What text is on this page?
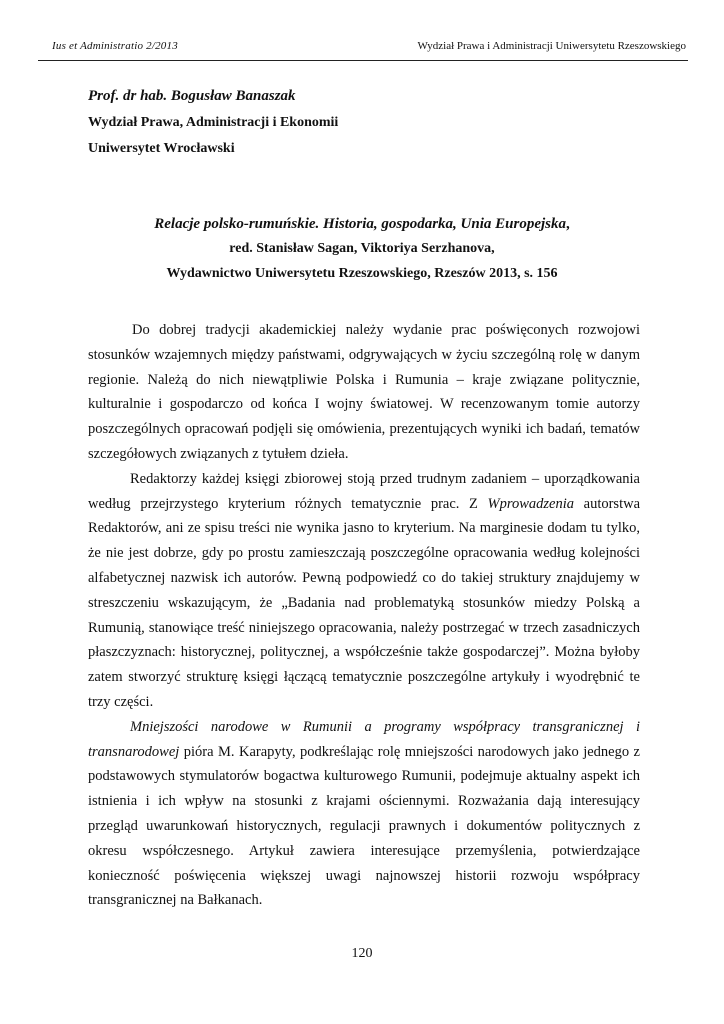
Ius et Administratio 2/2013	Wydział Prawa i Administracji Uniwersytetu Rzeszowskiego
Prof. dr hab. Bogusław Banaszak
Wydział Prawa, Administracji i Ekonomii
Uniwersytet Wrocławski
Relacje polsko-rumuńskie. Historia, gospodarka, Unia Europejska,
red. Stanisław Sagan, Viktoriya Serzhanova,
Wydawnictwo Uniwersytetu Rzeszowskiego, Rzeszów 2013, s. 156

Do dobrej tradycji akademickiej należy wydanie prac poświęconych rozwojowi stosunków wzajemnych między państwami, odgrywających w życiu szczególną rolę w danym regionie. Należą do nich niewątpliwie Polska i Rumunia – kraje związane politycznie, kulturalnie i gospodarczo od końca I wojny światowej. W recenzowanym tomie autorzy poszczególnych opracowań podjęli się omówienia, prezentujących wyniki ich badań, tematów szczegółowych związanych z tytułem dzieła.

Redaktorzy każdej księgi zbiorowej stoją przed trudnym zadaniem – uporządkowania według przejrzystego kryterium różnych tematycznie prac. Z Wprowadzenia autorstwa Redaktorów, ani ze spisu treści nie wynika jasno to kryterium. Na marginesie dodam tu tylko, że nie jest dobrze, gdy po prostu zamieszczają poszczególne opracowania według kolejności alfabetycznej nazwisk ich autorów. Pewną podpowiedź co do takiej struktury znajdujemy w streszczeniu wskazującym, że „Badania nad problematyką stosunków miedzy Polską a Rumunią, stanowiące treść niniejszego opracowania, należy postrzegać w trzech zasadniczych płaszczyznach: historycznej, politycznej, a współcześnie także gospodarczej”. Można byłoby zatem stworzyć strukturę księgi łączącą tematycznie poszczególne artykuły i wyodrębnić te trzy części.

Mniejszości narodowe w Rumunii a programy współpracy transgranicznej i transnarodowej pióra M. Karapyty, podkreślając rolę mniejszości narodowych jako jednego z podstawowych stymulatorów bogactwa kulturowego Rumunii, podejmuje aktualny aspekt ich istnienia i ich wpływ na stosunki z krajami ościennymi. Rozważania dają interesujący przegląd uwarunkowań historycznych, regulacji prawnych i dokumentów politycznych z okresu współczesnego. Artykuł zawiera interesujące przemyślenia, potwierdzające konieczność poświęcenia większej uwagi najnowszej historii rozwoju współpracy transgranicznej na Bałkanach.

120
